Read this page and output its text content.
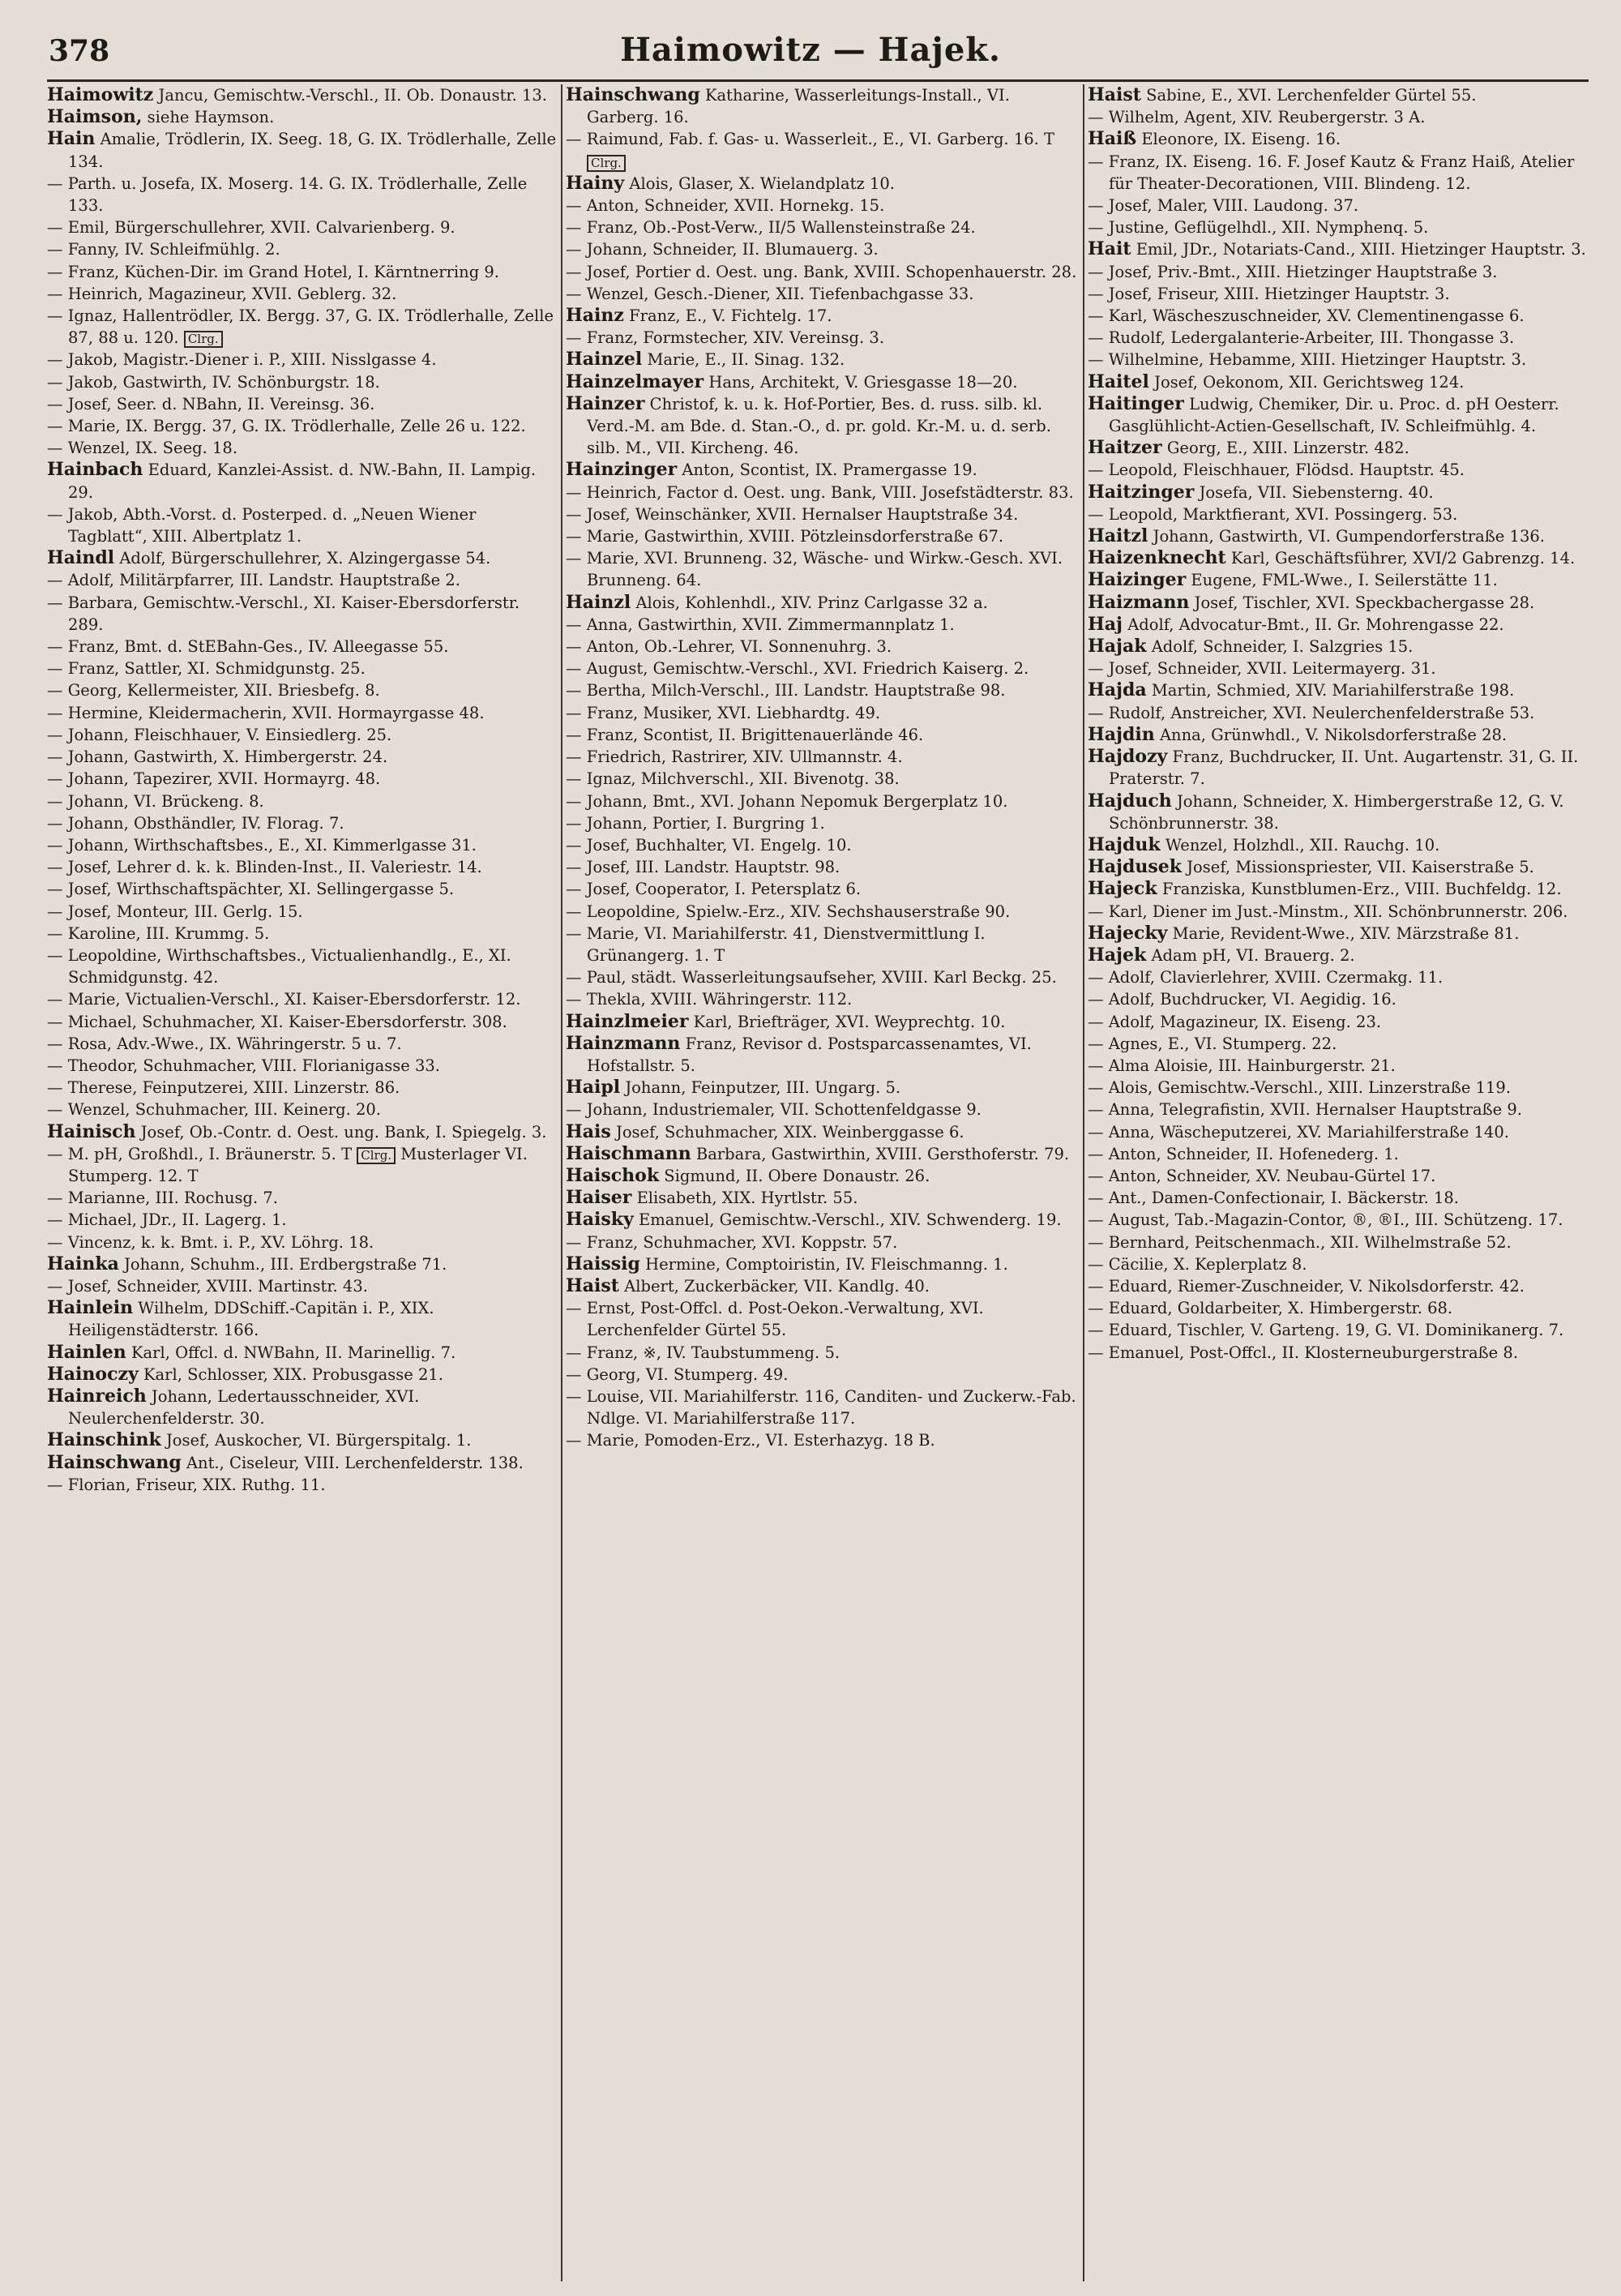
378	Haimowitz — Hajek.

Haimowitz Jancu, Gemischtw.-Verschl., II. Ob. Donaustr. 13.

Haimson, siehe Haymson.

Hain Amalie, Trödlerin, IX. Seeg. 18, G. IX. Trödlerhalle, Zelle 134.

— Parth. u. Josefa, IX. Moserg. 14. G. IX. Trödlerhalle, Zelle 133.

— Emil, Bürgerschullehrer, XVII. Calvarienberg. 9.

— Fanny, IV. Schleifmühlg. 2.

— Franz, Küchen-Dir. im Grand Hotel, I. Kärntnerring 9.

— Heinrich, Magazineur, XVII. Geblerg. 32.

— Ignaz, Hallentrödler, IX. Bergg. 37, G. IX. Trödlerhalle, Zelle 87, 88 u. 120. Clrg.

— Jakob, Magistr.-Diener i. P., XIII. Nisslgasse 4.

— Jakob, Gastwirth, IV. Schönburgstr. 18.

— Josef, Seer. d. NBahn, II. Vereinsg. 36.

— Marie, IX. Bergg. 37, G. IX. Trödlerhalle, Zelle 26 u. 122.

— Wenzel, IX. Seeg. 18.

Hainbach Eduard, Kanzlei-Assist. d. NW.-Bahn, II. Lampig. 29.

— Jakob, Abth.-Vorst. d. Posterped. d. „Neuen Wiener Tagblatt“, XIII. Albertplatz 1.

Haindl Adolf, Bürgerschullehrer, X. Alzingergasse 54.

— Adolf, Militärpfarrer, III. Landstr. Hauptstraße 2.

— Barbara, Gemischtw.-Verschl., XI. Kaiser-Ebersdorferstr. 289.

— Franz, Bmt. d. StEBahn-Ges., IV. Alleegasse 55.

— Franz, Sattler, XI. Schmidgunstg. 25.

— Georg, Kellermeister, XII. Briesbefg. 8.

— Hermine, Kleidermacherin, XVII. Hormayrgasse 48.

— Johann, Fleischhauer, V. Einsiedlerg. 25.

— Johann, Gastwirth, X. Himbergerstr. 24.

— Johann, Tapezirer, XVII. Hormayrg. 48.

— Johann, VI. Brückeng. 8.

— Johann, Obsthändler, IV. Florag. 7.

— Johann, Wirthschaftsbes., E., XI. Kimmerlgasse 31.

— Josef, Lehrer d. k. k. Blinden-Inst., II. Valeriestr. 14.

— Josef, Wirthschaftspächter, XI. Sellingergasse 5.

— Josef, Monteur, III. Gerlg. 15.

— Karoline, III. Krummg. 5.

— Leopoldine, Wirthschaftsbes., Victualienhandlg., E., XI. Schmidgunstg. 42.

— Marie, Victualien-Verschl., XI. Kaiser-Ebersdorferstr. 12.

— Michael, Schuhmacher, XI. Kaiser-Ebersdorferstr. 308.

— Rosa, Adv.-Wwe., IX. Währingerstr. 5 u. 7.

— Theodor, Schuhmacher, VIII. Florianigasse 33.

— Therese, Feinputzerei, XIII. Linzerstr. 86.

— Wenzel, Schuhmacher, III. Keinerg. 20.

Hainisch Josef, Ob.-Contr. d. Oest. ung. Bank, I. Spiegelg. 3.

— M. pH, Großhdl., I. Bräunerstr. 5. T Clrg. Musterlager VI. Stumperg. 12. T

— Marianne, III. Rochusg. 7.

— Michael, JDr., II. Lagerg. 1.

— Vincenz, k. k. Bmt. i. P., XV. Löhrg. 18.

Hainka Johann, Schuhm., III. Erdbergstraße 71.

— Josef, Schneider, XVIII. Martinstr. 43.

Hainlein Wilhelm, DDSchiff.-Capitän i. P., XIX. Heiligenstädterstr. 166.

Hainlen Karl, Offcl. d. NWBahn, II. Marinellig. 7.

Hainoczy Karl, Schlosser, XIX. Probusgasse 21.

Hainreich Johann, Ledertausschneider, XVI. Neulerchenfelderstr. 30.

Hainschink Josef, Auskocher, VI. Bürgerspitalg. 1.

Hainschwang Ant., Ciseleur, VIII. Lerchenfelderstr. 138.

— Florian, Friseur, XIX. Ruthg. 11.

Hainschwang Katharine, Wasserleitungs-Install., VI. Garberg. 16.

— Raimund, Fab. f. Gas- u. Wasserleit., E., VI. Garberg. 16. T Clrg.

Hainy Alois, Glaser, X. Wielandplatz 10.

— Anton, Schneider, XVII. Hornekg. 15.

— Franz, Ob.-Post-Verw., II/5 Wallensteinstraße 24.

— Johann, Schneider, II. Blumauerg. 3.

— Josef, Portier d. Oest. ung. Bank, XVIII. Schopenhauerstr. 28.

— Wenzel, Gesch.-Diener, XII. Tiefenbachgasse 33.

Hainz Franz, E., V. Fichtelg. 17.

— Franz, Formstecher, XIV. Vereinsg. 3.

Hainzel Marie, E., II. Sinag. 132.

Hainzelmayer Hans, Architekt, V. Griesgasse 18—20.

Hainzer Christof, k. u. k. Hof-Portier, Bes. d. russ. silb. kl. Verd.-M. am Bde. d. Stan.-O., d. pr. gold. Kr.-M. u. d. serb. silb. M., VII. Kircheng. 46.

Hainzinger Anton, Scontist, IX. Pramergasse 19.

— Heinrich, Factor d. Oest. ung. Bank, VIII. Josefstädterstr. 83.

— Josef, Weinschänker, XVII. Hernalser Hauptstraße 34.

— Marie, Gastwirthin, XVIII. Pötzleinsdorferstraße 67.

— Marie, XVI. Brunneng. 32, Wäsche- und Wirkw.-Gesch. XVI. Brunneng. 64.

Hainzl Alois, Kohlenhdl., XIV. Prinz Carlgasse 32 a.

— Anna, Gastwirthin, XVII. Zimmermannplatz 1.

— Anton, Ob.-Lehrer, VI. Sonnenuhrg. 3.

— August, Gemischtw.-Verschl., XVI. Friedrich Kaiserg. 2.

— Bertha, Milch-Verschl., III. Landstr. Hauptstraße 98.

— Franz, Musiker, XVI. Liebhardtg. 49.

— Franz, Scontist, II. Brigittenauerlände 46.

— Friedrich, Rastrirer, XIV. Ullmannstr. 4.

— Ignaz, Milchverschl., XII. Bivenotg. 38.

— Johann, Bmt., XVI. Johann Nepomuk Bergerplatz 10.

— Johann, Portier, I. Burgring 1.

— Josef, Buchhalter, VI. Engelg. 10.

— Josef, III. Landstr. Hauptstr. 98.

— Josef, Cooperator, I. Petersplatz 6.

— Leopoldine, Spielw.-Erz., XIV. Sechshauserstraße 90.

— Marie, VI. Mariahilferstr. 41, Dienstvermittlung I. Grünangerg. 1. T

— Paul, städt. Wasserleitungsaufseher, XVIII. Karl Beckg. 25.

— Thekla, XVIII. Währingerstr. 112.

Hainzlmeier Karl, Briefträger, XVI. Weyprechtg. 10.

Hainzmann Franz, Revisor d. Postsparcassenamtes, VI. Hofstallstr. 5.

Haipl Johann, Feinputzer, III. Ungarg. 5.

— Johann, Industriemaler, VII. Schottenfeldgasse 9.

Hais Josef, Schuhmacher, XIX. Weinberggasse 6.

Haischmann Barbara, Gastwirthin, XVIII. Gersthoferstr. 79.

Haischok Sigmund, II. Obere Donaustr. 26.

Haiser Elisabeth, XIX. Hyrtlstr. 55.

Haisky Emanuel, Gemischtw.-Verschl., XIV. Schwenderg. 19.

— Franz, Schuhmacher, XVI. Koppstr. 57.

Haissig Hermine, Comptoiristin, IV. Fleischmanng. 1.

Haist Albert, Zuckerbäcker, VII. Kandlg. 40.

— Ernst, Post-Offcl. d. Post-Oekon.-Verwaltung, XVI. Lerchenfelder Gürtel 55.

— Franz, ※, IV. Taubstummeng. 5.

— Georg, VI. Stumperg. 49.

— Louise, VII. Mariahilferstr. 116, Canditen- und Zuckerw.-Fab. Ndlge. VI. Mariahilferstraße 117.

— Marie, Pomoden-Erz., VI. Esterhazyg. 18 B.

Haist Sabine, E., XVI. Lerchenfelder Gürtel 55.

— Wilhelm, Agent, XIV. Reubergerstr. 3 A.

Haiß Eleonore, IX. Eiseng. 16.

— Franz, IX. Eiseng. 16. F. Josef Kautz & Franz Haiß, Atelier für Theater-Decorationen, VIII. Blindeng. 12.

— Josef, Maler, VIII. Laudong. 37.

— Justine, Geflügelhdl., XII. Nymphenq. 5.

Hait Emil, JDr., Notariats-Cand., XIII. Hietzinger Hauptstr. 3.

— Josef, Priv.-Bmt., XIII. Hietzinger Hauptstraße 3.

— Josef, Friseur, XIII. Hietzinger Hauptstr. 3.

— Karl, Wäscheszuschneider, XV. Clementinengasse 6.

— Rudolf, Ledergalanterie-Arbeiter, III. Thongasse 3.

— Wilhelmine, Hebamme, XIII. Hietzinger Hauptstr. 3.

Haitel Josef, Oekonom, XII. Gerichtsweg 124.

Haitinger Ludwig, Chemiker, Dir. u. Proc. d. pH Oesterr. Gasglühlicht-Actien-Gesellschaft, IV. Schleifmühlg. 4.

Haitzer Georg, E., XIII. Linzerstr. 482.

— Leopold, Fleischhauer, Flödsd. Hauptstr. 45.

Haitzinger Josefa, VII. Siebensterng. 40.

— Leopold, Marktfierant, XVI. Possingerg. 53.

Haitzl Johann, Gastwirth, VI. Gumpendorferstraße 136.

Haizenknecht Karl, Geschäftsführer, XVI/2 Gabrenzg. 14.

Haizinger Eugene, FML-Wwe., I. Seilerstätte 11.

Haizmann Josef, Tischler, XVI. Speckbachergasse 28.

Haj Adolf, Advocatur-Bmt., II. Gr. Mohrengasse 22.

Hajak Adolf, Schneider, I. Salzgries 15.

— Josef, Schneider, XVII. Leitermayerg. 31.

Hajda Martin, Schmied, XIV. Mariahilferstraße 198.

— Rudolf, Anstreicher, XVI. Neulerchenfelderstraße 53.

Hajdin Anna, Grünwhdl., V. Nikolsdorferstraße 28.

Hajdozy Franz, Buchdrucker, II. Unt. Augartenstr. 31, G. II. Praterstr. 7.

Hajduch Johann, Schneider, X. Himbergerstraße 12, G. V. Schönbrunnerstr. 38.

Hajduk Wenzel, Holzhdl., XII. Rauchg. 10.

Hajdusek Josef, Missionspriester, VII. Kaiserstraße 5.

Hajeck Franziska, Kunstblumen-Erz., VIII. Buchfeldg. 12.

— Karl, Diener im Just.-Minstm., XII. Schönbrunnerstr. 206.

Hajecky Marie, Revident-Wwe., XIV. Märzstraße 81.

Hajek Adam pH, VI. Brauerg. 2.

— Adolf, Clavierlehrer, XVIII. Czermakg. 11.

— Adolf, Buchdrucker, VI. Aegidig. 16.

— Adolf, Magazineur, IX. Eiseng. 23.

— Agnes, E., VI. Stumperg. 22.

— Alma Aloisie, III. Hainburgerstr. 21.

— Alois, Gemischtw.-Verschl., XIII. Linzerstraße 119.

— Anna, Telegrafistin, XVII. Hernalser Hauptstraße 9.

— Anna, Wäscheputzerei, XV. Mariahilferstraße 140.

— Anton, Schneider, II. Hofenederg. 1.

— Anton, Schneider, XV. Neubau-Gürtel 17.

— Ant., Damen-Confectionair, I. Bäckerstr. 18.

— August, Tab.-Magazin-Contor, ®, ®I., III. Schützeng. 17.

— Bernhard, Peitschenmach., XII. Wilhelmstraße 52.

— Cäcilie, X. Keplerplatz 8.

— Eduard, Riemer-Zuschneider, V. Nikolsdorferstr. 42.

— Eduard, Goldarbeiter, X. Himbergerstr. 68.

— Eduard, Tischler, V. Garteng. 19, G. VI. Dominikanerg. 7.

— Emanuel, Post-Offcl., II. Klosterneuburgerstraße 8.
